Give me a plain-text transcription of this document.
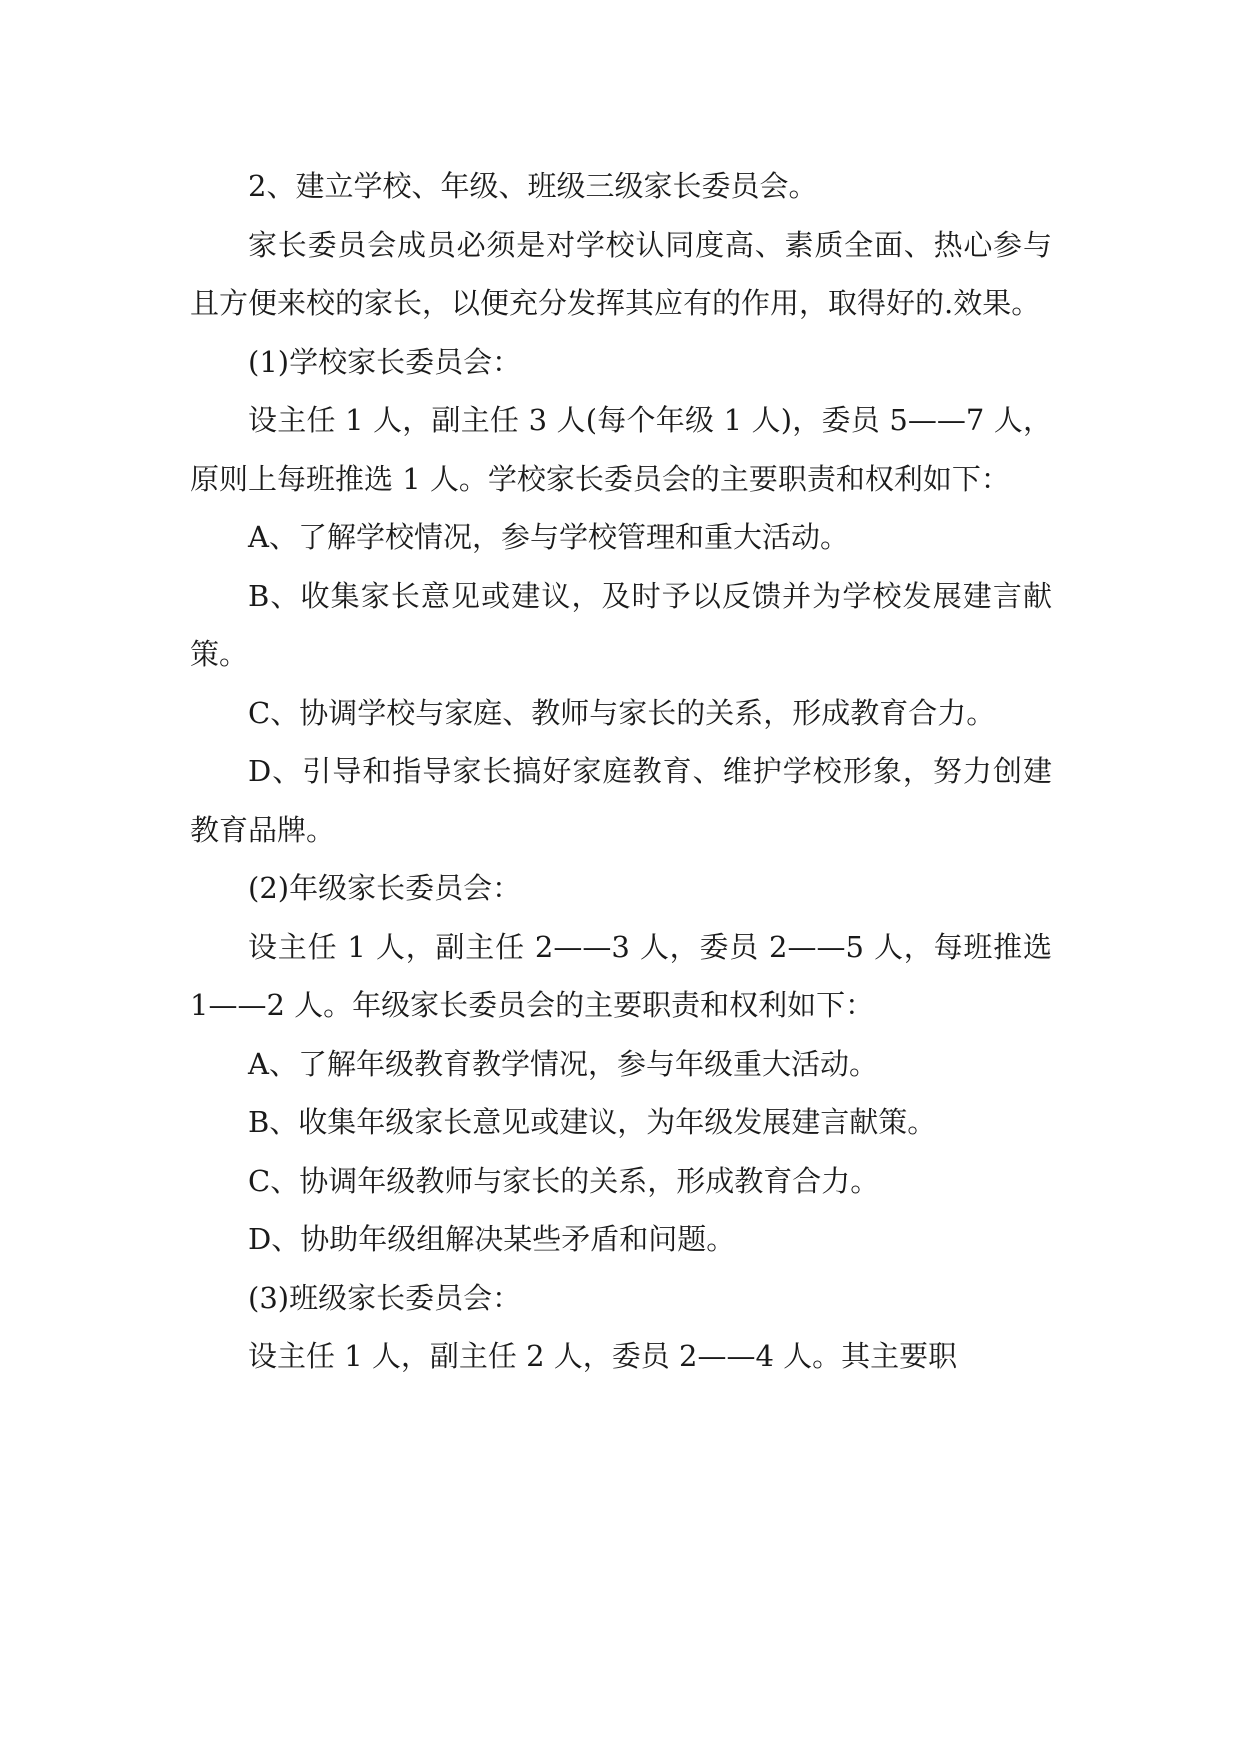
2、建立学校、年级、班级三级家长委员会。

家长委员会成员必须是对学校认同度高、素质全面、热心参与且方便来校的家长，以便充分发挥其应有的作用，取得好的.效果。

(1)学校家长委员会：

设主任 1 人，副主任 3 人(每个年级 1 人)，委员 5——7 人，原则上每班推选 1 人。学校家长委员会的主要职责和权利如下：

A、了解学校情况，参与学校管理和重大活动。

B、收集家长意见或建议，及时予以反馈并为学校发展建言献策。

C、协调学校与家庭、教师与家长的关系，形成教育合力。

D、引导和指导家长搞好家庭教育、维护学校形象，努力创建教育品牌。

(2)年级家长委员会：

设主任 1 人，副主任 2——3 人，委员 2——5 人，每班推选 1——2 人。年级家长委员会的主要职责和权利如下：

A、了解年级教育教学情况，参与年级重大活动。

B、收集年级家长意见或建议，为年级发展建言献策。

C、协调年级教师与家长的关系，形成教育合力。

D、协助年级组解决某些矛盾和问题。

(3)班级家长委员会：

设主任 1 人，副主任 2 人，委员 2——4 人。其主要职
